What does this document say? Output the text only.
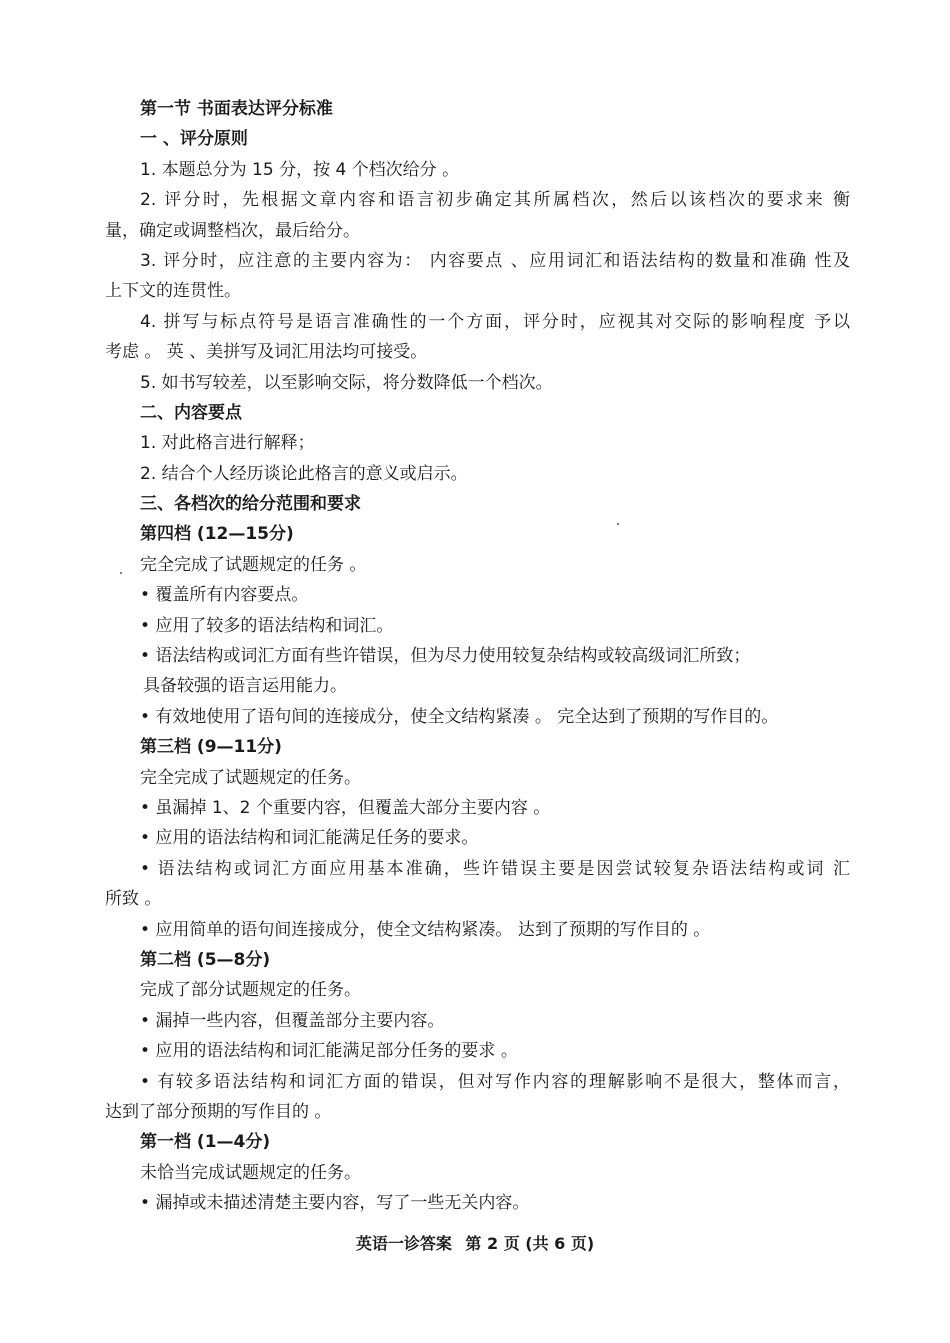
第一节 书面表达评分标准
一 、评分原则
1. 本题总分为 15 分，按 4 个档次给分 。
2. 评分时，先根据文章内容和语言初步确定其所属档次，然后以该档次的要求来 衡
量，确定或调整档次，最后给分。
3. 评分时，应注意的主要内容为： 内容要点 、应用词汇和语法结构的数量和准确 性及
上下文的连贯性。
4. 拼写与标点符号是语言准确性的一个方面，评分时，应视其对交际的影响程度 予以
考虑 。 英 、美拼写及词汇用法均可接受。
5. 如书写较差，以至影响交际，将分数降低一个档次。
二、内容要点
1. 对此格言进行解释；
2. 结合个人经历谈论此格言的意义或启示。
三、各档次的给分范围和要求
第四档 (12—15分)
完全完成了试题规定的任务 。
• 覆盖所有内容要点。
• 应用了较多的语法结构和词汇。
• 语法结构或词汇方面有些许错误，但为尽力使用较复杂结构或较高级词汇所致；
具备较强的语言运用能力。
• 有效地使用了语句间的连接成分，使全文结构紧凑 。 完全达到了预期的写作目的。
第三档 (9—11分)
完全完成了试题规定的任务。
• 虽漏掉 1、2 个重要内容，但覆盖大部分主要内容 。
• 应用的语法结构和词汇能满足任务的要求。
• 语法结构或词汇方面应用基本准确，些许错误主要是因尝试较复杂语法结构或词 汇
所致 。
• 应用简单的语句间连接成分，使全文结构紧凑。 达到了预期的写作目的 。
第二档 (5—8分)
完成了部分试题规定的任务。
• 漏掉一些内容，但覆盖部分主要内容。
• 应用的语法结构和词汇能满足部分任务的要求 。
• 有较多语法结构和词汇方面的错误，但对写作内容的理解影响不是很大，整体而言，
达到了部分预期的写作目的 。
第一档 (1—4分)
未恰当完成试题规定的任务。
• 漏掉或未描述清楚主要内容，写了一些无关内容。
英语一诊答案 第 2 页 (共 6 页)
